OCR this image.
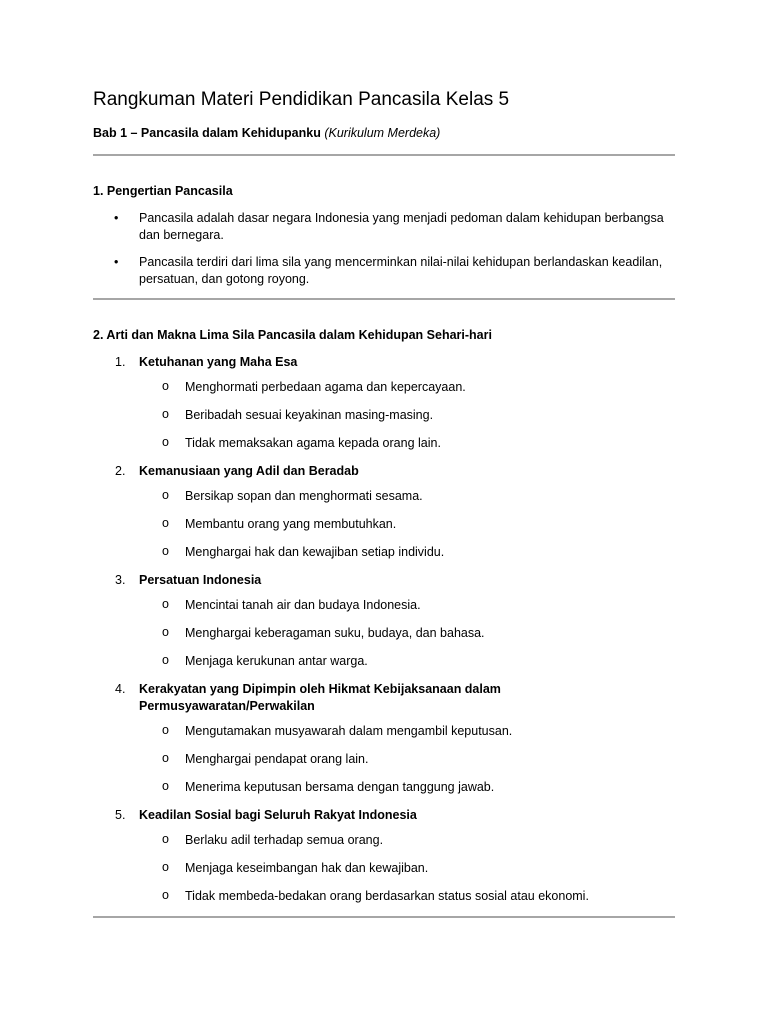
Rangkuman Materi Pendidikan Pancasila Kelas 5
Bab 1 – Pancasila dalam Kehidupanku (Kurikulum Merdeka)
1. Pengertian Pancasila
• Pancasila adalah dasar negara Indonesia yang menjadi pedoman dalam kehidupan berbangsa dan bernegara.
• Pancasila terdiri dari lima sila yang mencerminkan nilai-nilai kehidupan berlandaskan keadilan, persatuan, dan gotong royong.
2. Arti dan Makna Lima Sila Pancasila dalam Kehidupan Sehari-hari
1. Ketuhanan yang Maha Esa
o Menghormati perbedaan agama dan kepercayaan.
o Beribadah sesuai keyakinan masing-masing.
o Tidak memaksakan agama kepada orang lain.
2. Kemanusiaan yang Adil dan Beradab
o Bersikap sopan dan menghormati sesama.
o Membantu orang yang membutuhkan.
o Menghargai hak dan kewajiban setiap individu.
3. Persatuan Indonesia
o Mencintai tanah air dan budaya Indonesia.
o Menghargai keberagaman suku, budaya, dan bahasa.
o Menjaga kerukunan antar warga.
4. Kerakyatan yang Dipimpin oleh Hikmat Kebijaksanaan dalam Permusyawaratan/Perwakilan
o Mengutamakan musyawarah dalam mengambil keputusan.
o Menghargai pendapat orang lain.
o Menerima keputusan bersama dengan tanggung jawab.
5. Keadilan Sosial bagi Seluruh Rakyat Indonesia
o Berlaku adil terhadap semua orang.
o Menjaga keseimbangan hak dan kewajiban.
o Tidak membeda-bedakan orang berdasarkan status sosial atau ekonomi.
